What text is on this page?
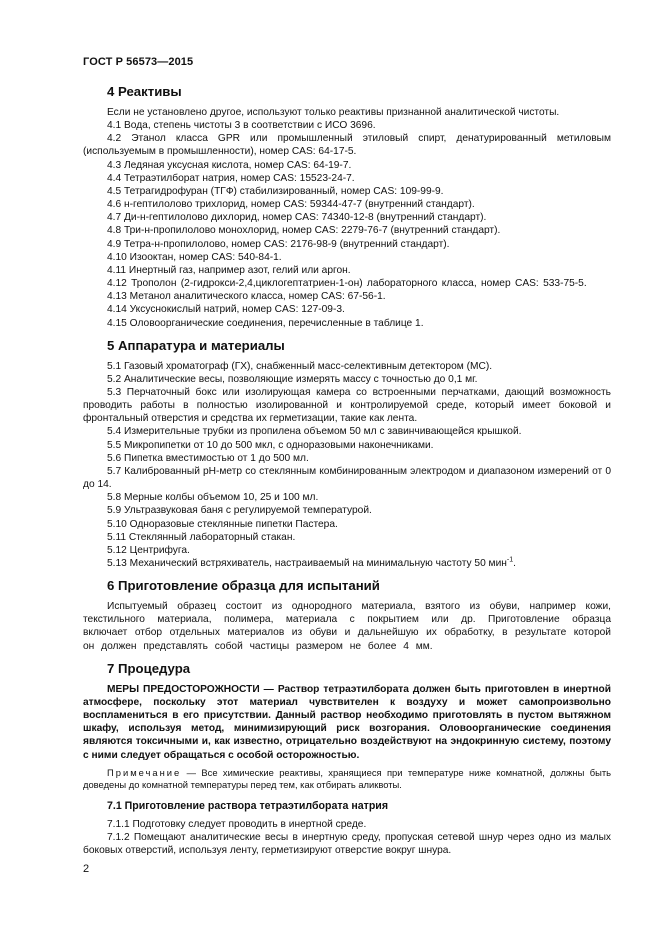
ГОСТ Р 56573—2015
4 Реактивы

Если не установлено другое, используют только реактивы признанной аналитической чистоты.

4.1 Вода, степень чистоты 3 в соответствии с ИСО 3696.

4.2 Этанол класса GPR или промышленный этиловый спирт, денатурированный метиловым (используемым в промышленности), номер CAS: 64-17-5.

4.3 Ледяная уксусная кислота, номер CAS: 64-19-7.

4.4 Тетраэтилборат натрия, номер CAS: 15523-24-7.

4.5 Тетрагидрофуран (ТГФ) стабилизированный, номер CAS: 109-99-9.

4.6 н-гептилолово трихлорид, номер CAS: 59344-47-7 (внутренний стандарт).

4.7 Ди-н-гептилолово дихлорид, номер CAS: 74340-12-8 (внутренний стандарт).

4.8 Три-н-пропилолово монохлорид, номер CAS: 2279-76-7 (внутренний стандарт).

4.9 Тетра-н-пропилолово, номер CAS: 2176-98-9 (внутренний стандарт).

4.10 Изооктан, номер CAS: 540-84-1.

4.11 Инертный газ, например азот, гелий или аргон.

4.12 Трополон (2-гидрокси-2,4,циклогептатриен-1-он) лабораторного класса, номер CAS: 533-75-5.

4.13 Метанол аналитического класса, номер CAS: 67-56-1.

4.14 Уксуснокислый натрий, номер CAS: 127-09-3.

4.15 Оловоорганические соединения, перечисленные в таблице 1.

5 Аппаратура и материалы

5.1 Газовый хроматограф (ГХ), снабженный масс-селективным детектором (МС).

5.2 Аналитические весы, позволяющие измерять массу с точностью до 0,1 мг.

5.3 Перчаточный бокс или изолирующая камера со встроенными перчатками, дающий возможность проводить работы в полностью изолированной и контролируемой среде, который имеет боковой и фронтальный отверстия и средства их герметизации, такие как лента.

5.4 Измерительные трубки из пропилена объемом 50 мл с завинчивающейся крышкой.

5.5 Микропипетки от 10 до 500 мкл, с одноразовыми наконечниками.

5.6 Пипетка вместимостью от 1 до 500 мл.

5.7 Калиброванный pH-метр со стеклянным комбинированным электродом и диапазоном измерений от 0 до 14.

5.8 Мерные колбы объемом 10, 25 и 100 мл.

5.9 Ультразвуковая баня с регулируемой температурой.

5.10 Одноразовые стеклянные пипетки Пастера.

5.11 Стеклянный лабораторный стакан.

5.12 Центрифуга.

5.13 Механический встряхиватель, настраиваемый на минимальную частоту 50 мин$^{-1}$.

6 Приготовление образца для испытаний

Испытуемый образец состоит из однородного материала, взятого из обуви, например кожи, текстильного материала, полимера, материала с покрытием или др. Приготовление образца включает отбор отдельных материалов из обуви и дальнейшую их обработку, в результате которой он должен представлять собой частицы размером не более 4 мм.

7 Процедура

МЕРЫ ПРЕДОСТОРОЖНОСТИ — Раствор тетраэтилбората должен быть приготовлен в инертной атмосфере, поскольку этот материал чувствителен к воздуху и может самопроизвольно воспламениться в его присутствии. Данный раствор необходимо приготовлять в пустом вытяжном шкафу, используя метод, минимизирующий риск возгорания. Оловоорганические соединения являются токсичными и, как известно, отрицательно воздействуют на эндокринную систему, поэтому с ними следует обращаться с особой осторожностью.

Примечание — Все химические реактивы, хранящиеся при температуре ниже комнатной, должны быть доведены до комнатной температуры перед тем, как отбирать аликвоты.

7.1 Приготовление раствора тетраэтилбората натрия

7.1.1 Подготовку следует проводить в инертной среде.

7.1.2 Помещают аналитические весы в инертную среду, пропуская сетевой шнур через одно из малых боковых отверстий, используя ленту, герметизируют отверстие вокруг шнура.

2
